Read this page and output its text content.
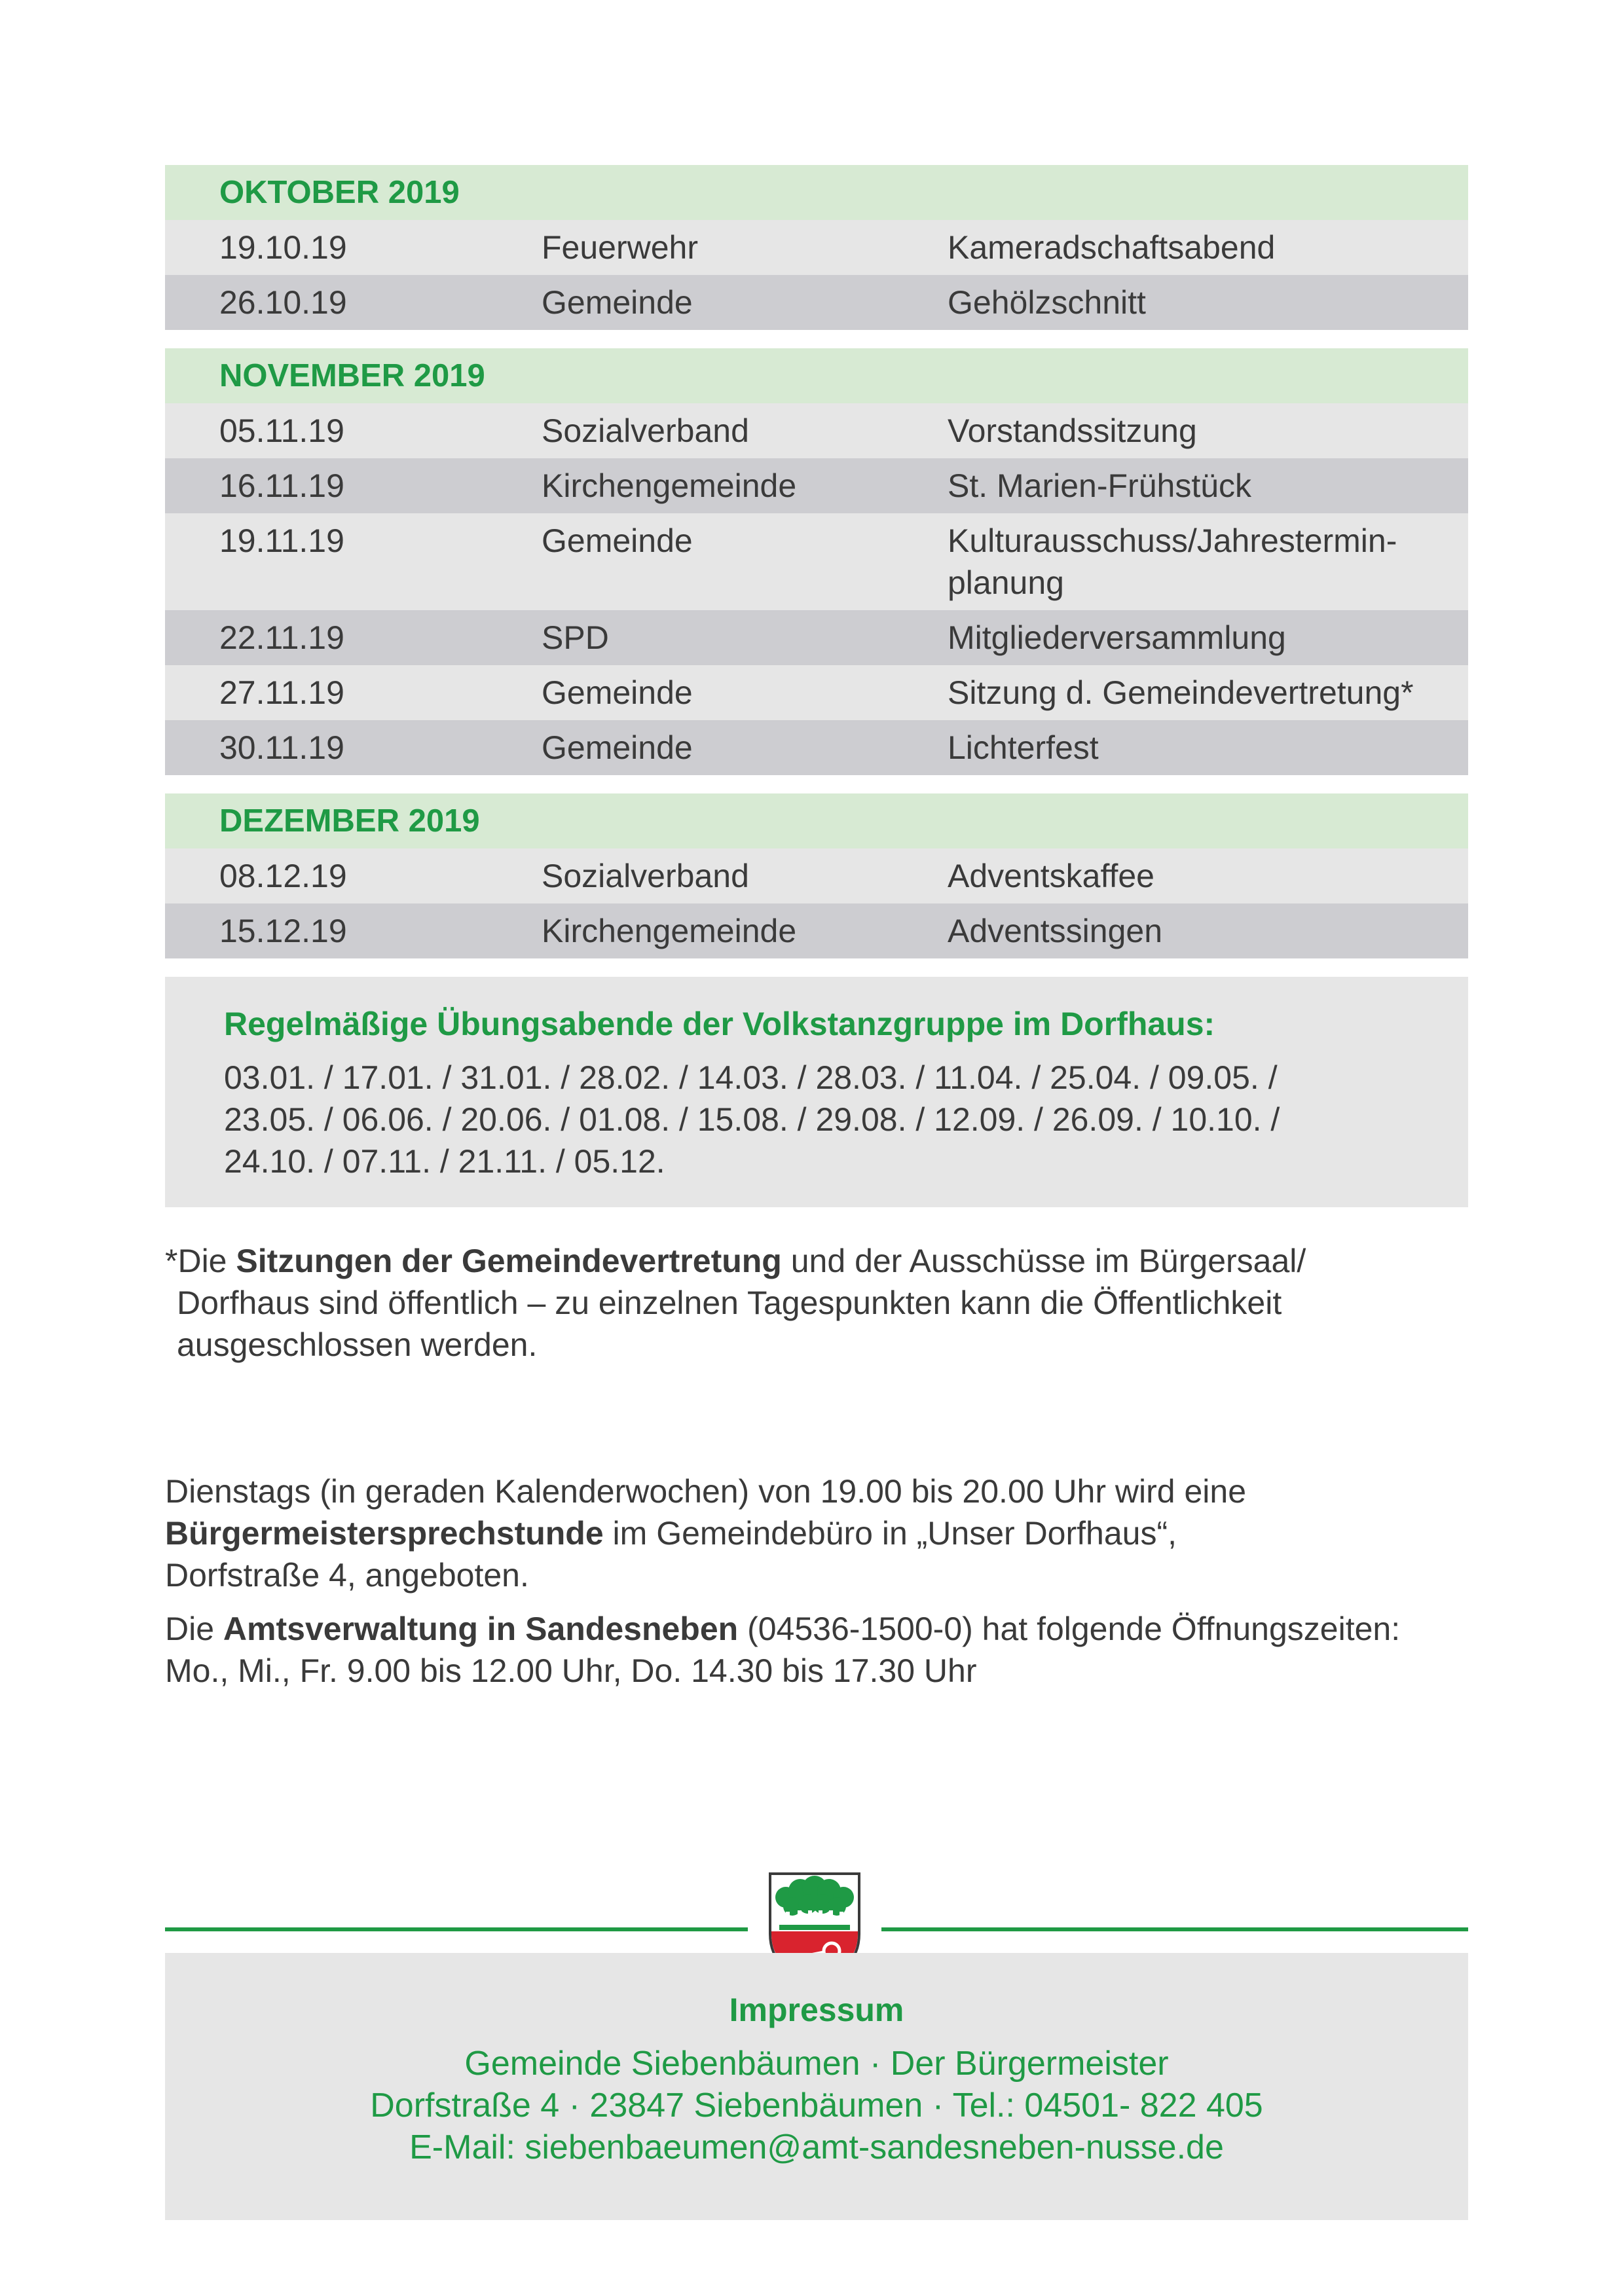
OKTOBER 2019
19.10.19	Feuerwehr	Kameradschaftsabend
26.10.19	Gemeinde	Gehölzschnitt
NOVEMBER 2019
05.11.19	Sozialverband	Vorstandssitzung
16.11.19	Kirchengemeinde	St. Marien-Frühstück
19.11.19	Gemeinde	Kulturausschuss/Jahrestermin-
planung
22.11.19	SPD	Mitgliederversammlung
27.11.19	Gemeinde	Sitzung d. Gemeindevertretung*
30.11.19	Gemeinde	Lichterfest
DEZEMBER 2019
08.12.19	Sozialverband	Adventskaffee
15.12.19	Kirchengemeinde	Adventssingen
Regelmäßige Übungsabende der Volkstanzgruppe im Dorfhaus:
03.01. / 17.01. / 31.01. / 28.02. / 14.03. / 28.03. / 11.04. / 25.04. / 09.05. /
23.05. / 06.06. / 20.06. / 01.08. / 15.08. / 29.08. / 12.09. / 26.09. / 10.10. /
24.10. / 07.11. / 21.11. / 05.12.
*Die Sitzungen der Gemeindevertretung und der Ausschüsse im Bürgersaal/
Dorfhaus sind öffentlich – zu einzelnen Tagespunkten kann die Öffentlichkeit
ausgeschlossen werden.

Dienstags (in geraden Kalenderwochen) von 19.00 bis 20.00 Uhr wird eine
Bürgermeistersprechstunde im Gemeindebüro in „Unser Dorfhaus“,
Dorfstraße 4, angeboten.

Die Amtsverwaltung in Sandesneben (04536-1500-0) hat folgende Öffnungszeiten:
Mo., Mi., Fr. 9.00 bis 12.00 Uhr, Do. 14.30 bis 17.30 Uhr

Impressum
Gemeinde Siebenbäumen · Der Bürgermeister
Dorfstraße 4 · 23847 Siebenbäumen · Tel.: 04501- 822 405
E-Mail: siebenbaeumen@amt-sandesneben-nusse.de
